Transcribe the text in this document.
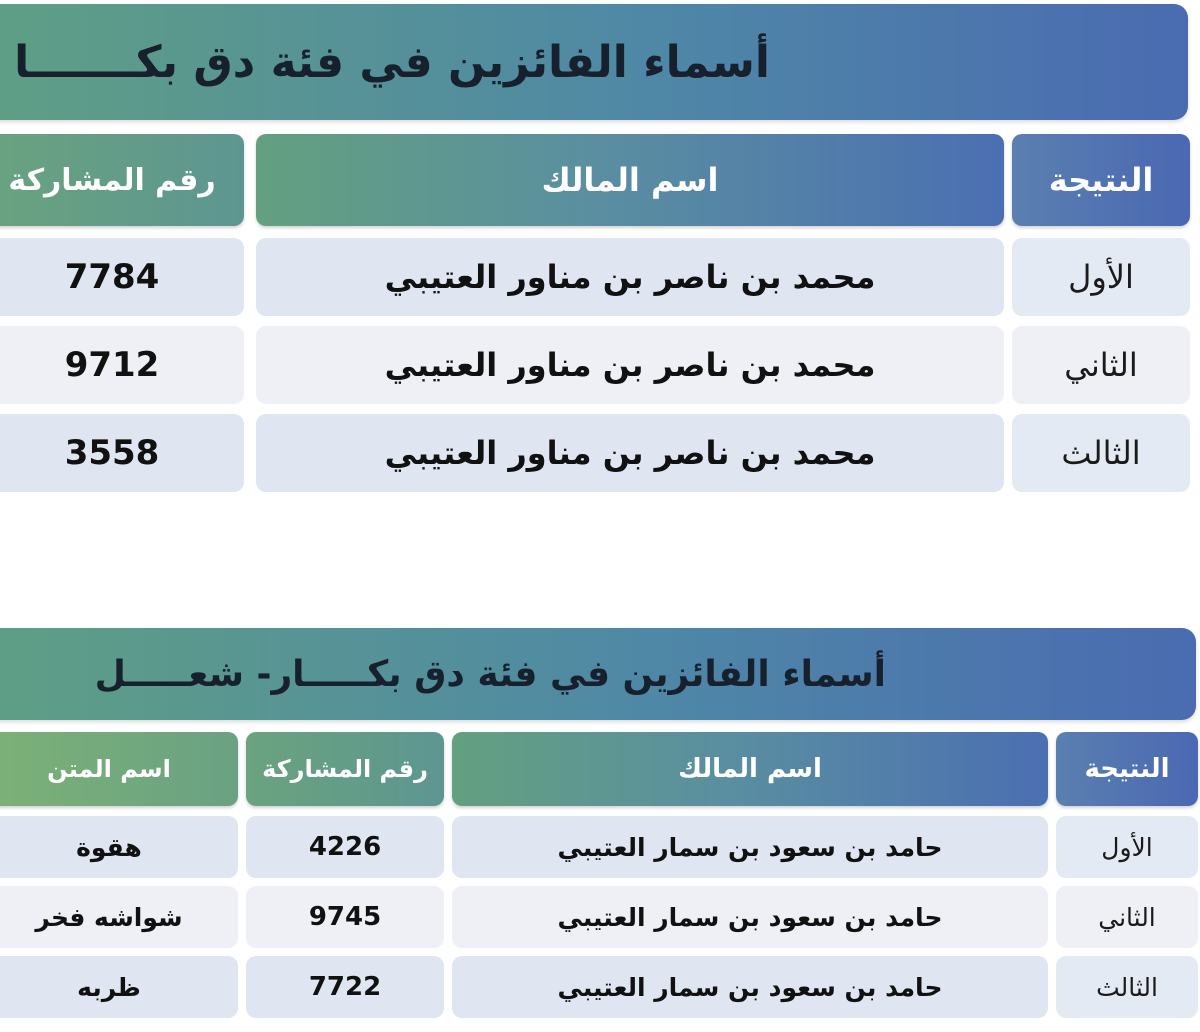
أسماء الفائزين في فئة دق بكـــــــا
النتيجة
اسم المالك
رقم المشاركة
الأول
محمد بن ناصر بن مناور العتيبي
7784
الثاني
محمد بن ناصر بن مناور العتيبي
9712
الثالث
محمد بن ناصر بن مناور العتيبي
3558
أسماء الفائزين في فئة دق بكـــــار- شعـــــل
النتيجة
اسم المالك
رقم المشاركة
اسم المتن
الأول
حامد بن سعود بن سمار العتيبي
4226
هقوة
الثاني
حامد بن سعود بن سمار العتيبي
9745
شواشه فخر
الثالث
حامد بن سعود بن سمار العتيبي
7722
ظربه
